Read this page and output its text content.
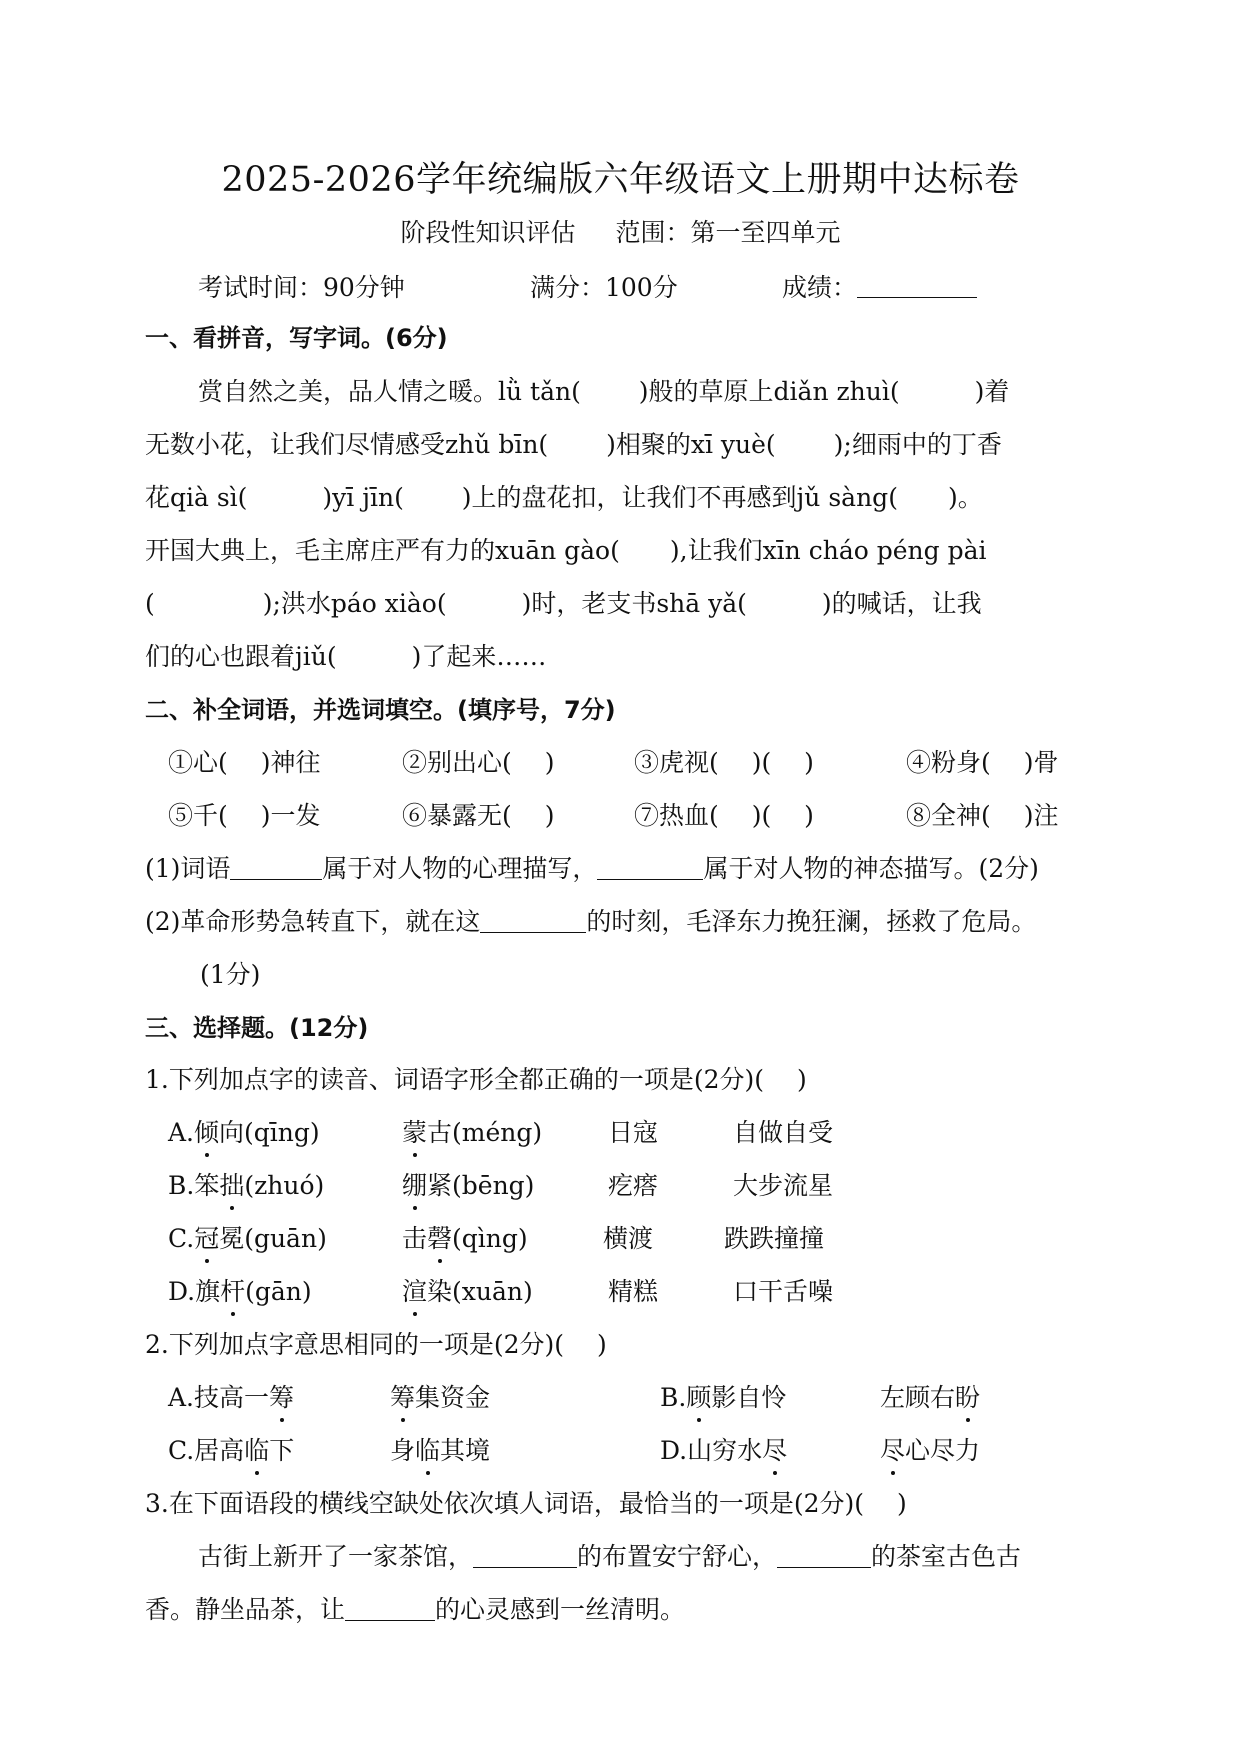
2025-2026学年统编版六年级语文上册期中达标卷
阶段性知识评估 范围：第一至四单元
考试时间：90分钟	满分：100分	成绩：
一、看拼音，写字词。(6分)
赏自然之美，品人情之暖。lǜ tǎn(　　 )般的草原上diǎn zhuì(　　　)着
无数小花，让我们尽情感受zhǔ bīn(　　 )相聚的xī yuè(　　 );细雨中的丁香
花qià sì(　　　)yī jīn(　　 )上的盘花扣，让我们不再感到jǔ sàng(　　)。
开国大典上，毛主席庄严有力的xuān gào(　　),让我们xīn cháo péng pài
(　　　　 );洪水páo xiào(　　　)时，老支书shā yǎ(　　　)的喊话，让我
们的心也跟着jiǔ(　　　)了起来……
二、补全词语，并选词填空。(填序号，7分)
①心(　 )神往	②别出心(　 )	③虎视(　 )(　 )	④粉身(　 )骨
⑤千(　 )一发	⑥暴露无(　 )	⑦热血(　 )(　 )	⑧全神(　 )注
(1)词语	属于对人物的心理描写，	属于对人物的神态描写。(2分)
(2)革命形势急转直下，就在这	的时刻，毛泽东力挽狂澜，拯救了危局。
(1分)
三、选择题。(12分)
1.下列加点字的读音、词语字形全都正确的一项是(2分)(　 )
A.倾向(qīng)	蒙古(méng)	日寇	自做自受
B.笨拙(zhuó)	绷紧(bēng)	疙瘩	大步流星
C.冠冕(guān)	击磬(qìng)	横渡	跌跌撞撞
D.旗杆(gān)	渲染(xuān)	精糕	口干舌噪
2.下列加点字意思相同的一项是(2分)(　 )
A.技高一筹	筹集资金	B.顾影自怜	左顾右盼
C.居高临下	身临其境	D.山穷水尽	尽心尽力
3.在下面语段的横线空缺处依次填人词语，最恰当的一项是(2分)(　 )
古街上新开了一家茶馆，	的布置安宁舒心，	的茶室古色古
香。静坐品茶，让	的心灵感到一丝清明。
